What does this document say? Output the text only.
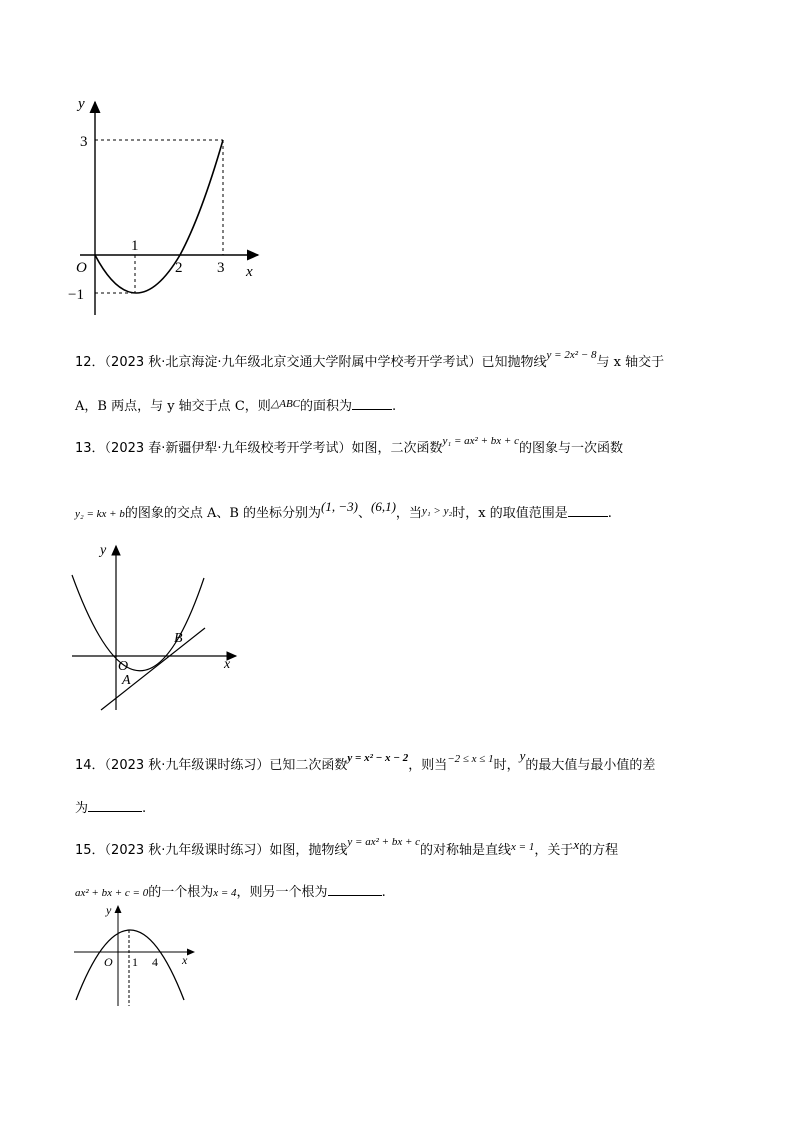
y
x
O
3
−1
1
2 3
12．（2023 秋·北京海淀·九年级北京交通大学附属中学校考开学考试）已知抛物线$^{y = 2x^2 - 8}$与 x 轴交于
A，B 两点，与 y 轴交于点 C，则$^{\triangle ABC}$的面积为	.
13．（2023 春·新疆伊犁·九年级校考开学考试）如图，二次函数$^{y_1 = ax^2 + bx + c}$的图象与一次函数
y₂ = kx + b的图象的交点 A、B 的坐标分别为(1, −3)、(6,1)，当$^{y_1 > y_2}$时，x 的取值范围是	.
y
x
O
A
B
14．（2023 秋·九年级课时练习）已知二次函数$^{y = x^2 - x - 2}$，则当$^{-2 \le x \le 1}$时，y的最大值与最小值的差
为	.
15．（2023 秋·九年级课时练习）如图，抛物线$^{y = ax^2 + bx + c}$的对称轴是直线$^{x = 1}$，关于x的方程
ax² + bx + c = 0的一个根为x = 4，则另一个根为	.
y
x
O 1 4
